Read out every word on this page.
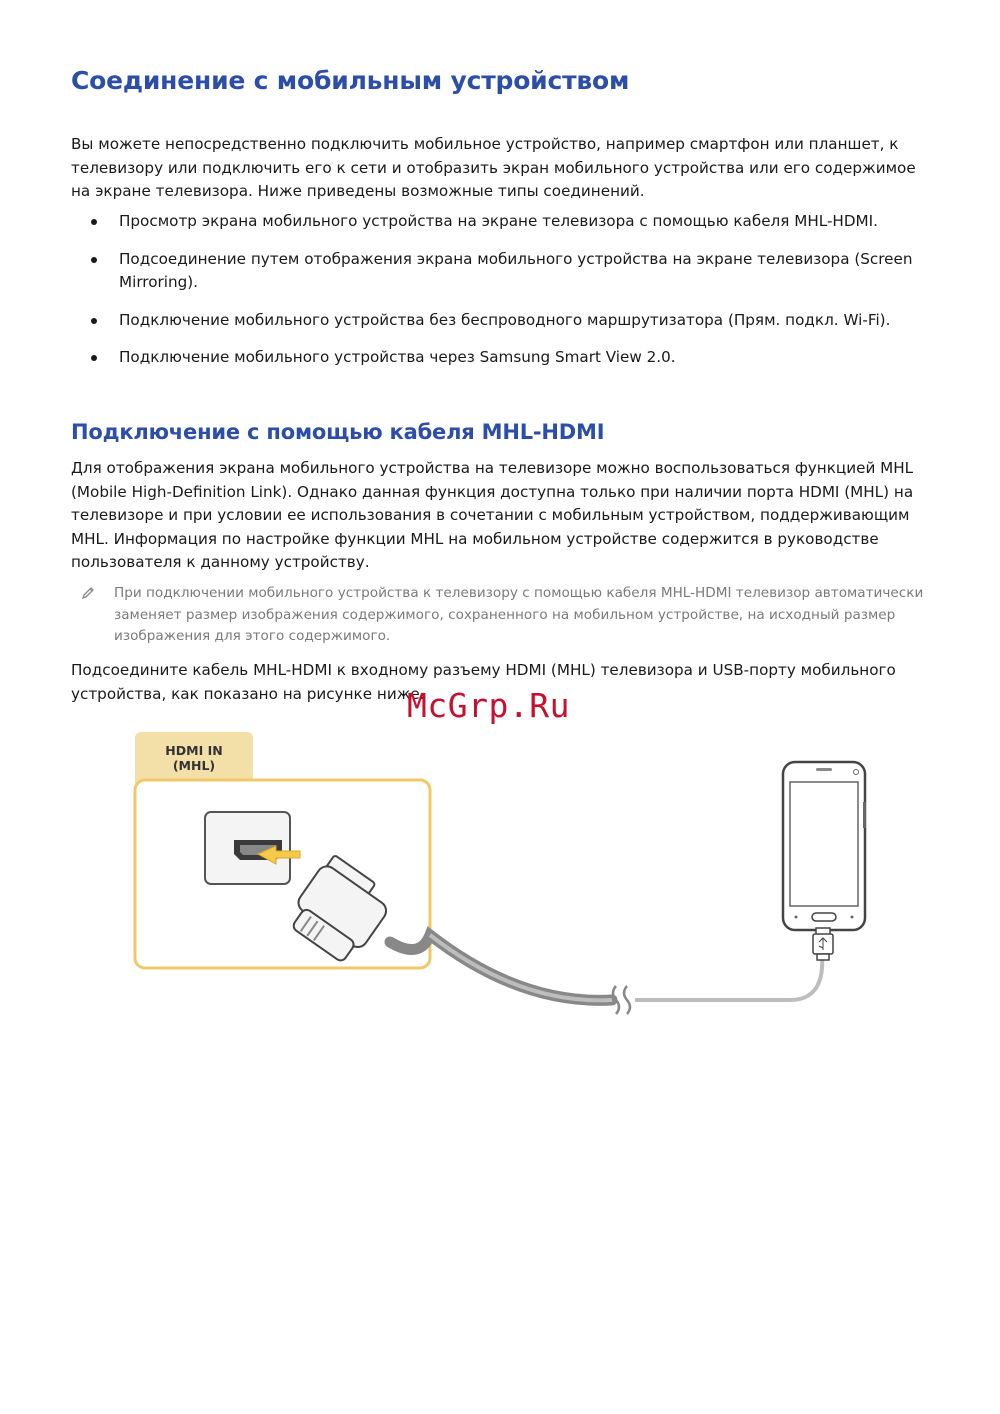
Соединение с мобильным устройством

Вы можете непосредственно подключить мобильное устройство, например смартфон или планшет, к телевизору или подключить его к сети и отобразить экран мобильного устройства или его содержимое на экране телевизора. Ниже приведены возможные типы соединений.

Просмотр экрана мобильного устройства на экране телевизора с помощью кабеля MHL-HDMI.
Подсоединение путем отображения экрана мобильного устройства на экране телевизора (Screen Mirroring).
Подключение мобильного устройства без беспроводного маршрутизатора (Прям. подкл. Wi-Fi).
Подключение мобильного устройства через Samsung Smart View 2.0.
Подключение с помощью кабеля MHL-HDMI

Для отображения экрана мобильного устройства на телевизоре можно воспользоваться функцией MHL (Mobile High-Definition Link). Однако данная функция доступна только при наличии порта HDMI (MHL) на телевизоре и при условии ее использования в сочетании с мобильным устройством, поддерживающим MHL. Информация по настройке функции MHL на мобильном устройстве содержится в руководстве пользователя к данному устройству.

При подключении мобильного устройства к телевизору с помощью кабеля MHL-HDMI телевизор автоматически заменяет размер изображения содержимого, сохраненного на мобильном устройстве, на исходный размер изображения для этого содержимого.

Подсоедините кабель MHL-HDMI к входному разъему HDMI (MHL) телевизора и USB-порту мобильного устройства, как показано на рисунке ниже.

McGrp.Ru
HDMI IN
(MHL)
